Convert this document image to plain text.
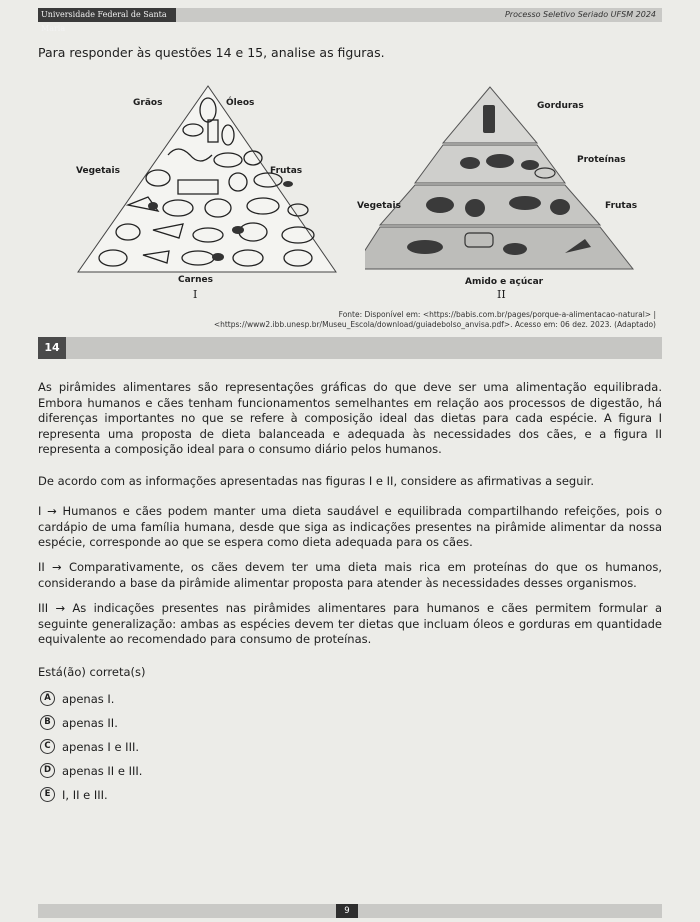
Universidade Federal de Santa Maria
Processo Seletivo Seriado UFSM 2024
Para responder às questões 14 e 15, analise as figuras.
Grãos	Óleos
Vegetais	Frutas
Carnes
I
Gorduras
Proteínas
Vegetais	Frutas
Amido e açúcar
II
Fonte: Disponível em: <https://babis.com.br/pages/porque-a-alimentacao-natural> |
<https://www2.ibb.unesp.br/Museu_Escola/download/guiadebolso_anvisa.pdf>. Acesso em: 06 dez. 2023. (Adaptado)
14

As pirâmides alimentares são representações gráficas do que deve ser uma alimentação equilibrada. Embora humanos e cães tenham funcionamentos semelhantes em relação aos processos de digestão, há diferenças importantes no que se refere à composição ideal das dietas para cada espécie. A figura I representa uma proposta de dieta balanceada e adequada às necessidades dos cães, e a figura II representa a composição ideal para o consumo diário pelos humanos.

De acordo com as informações apresentadas nas figuras I e II, considere as afirmativas a seguir.

I → Humanos e cães podem manter uma dieta saudável e equilibrada compartilhando refeições, pois o cardápio de uma família humana, desde que siga as indicações presentes na pirâmide alimentar da nossa espécie, corresponde ao que se espera como dieta adequada para os cães.

II → Comparativamente, os cães devem ter uma dieta mais rica em proteínas do que os humanos, considerando a base da pirâmide alimentar proposta para atender às necessidades desses organismos.

III → As indicações presentes nas pirâmides alimentares para humanos e cães permitem formular a seguinte generalização: ambas as espécies devem ter dietas que incluam óleos e gorduras em quantidade equivalente ao recomendado para consumo de proteínas.

Está(ão) correta(s)

A apenas I.
B apenas II.
C apenas I e III.
D apenas II e III.
E	I, II e III.
9
